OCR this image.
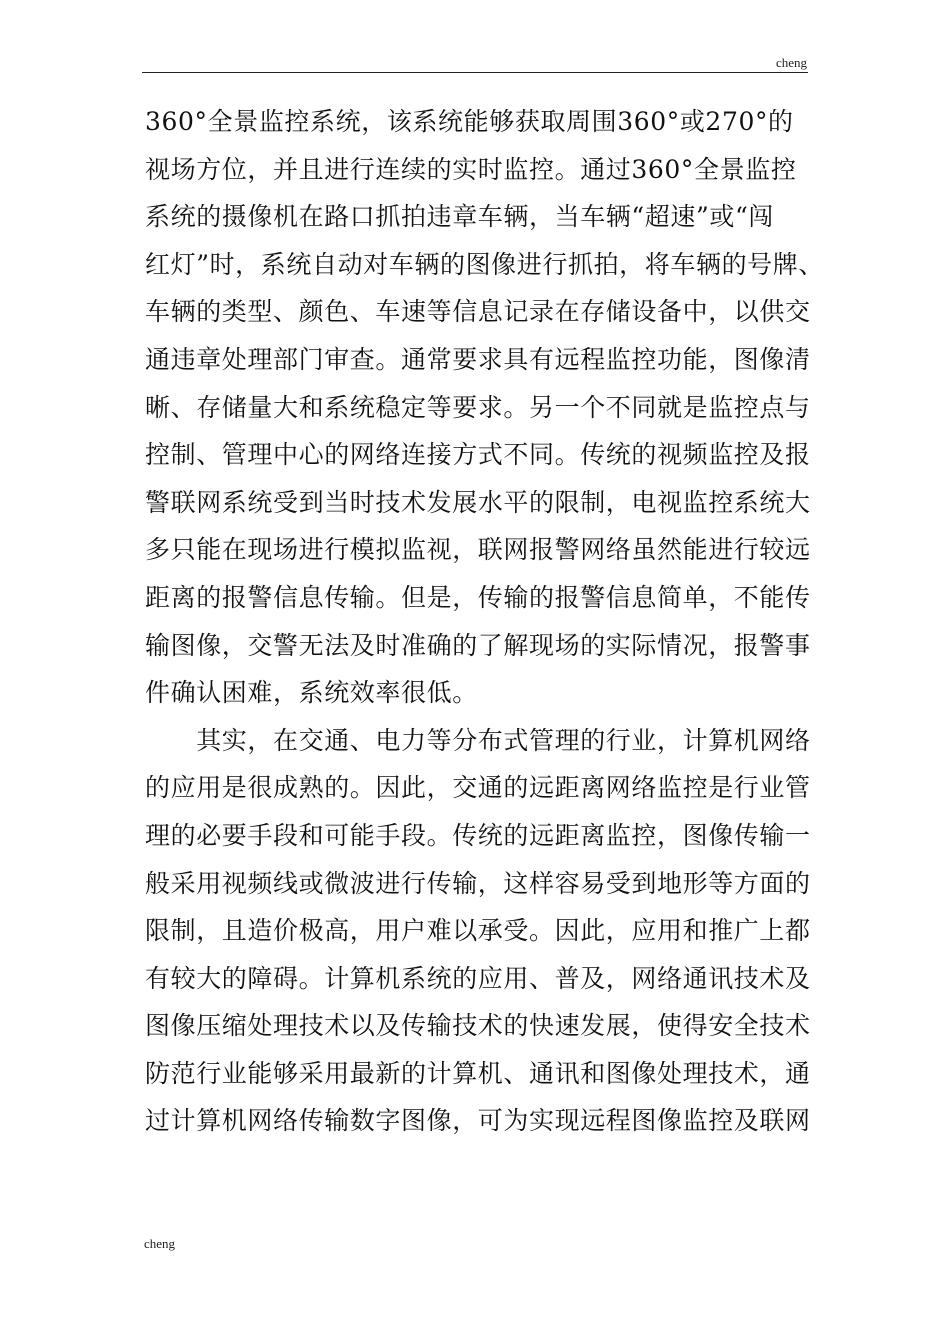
cheng
360°全景监控系统，该系统能够获取周围360°或270°的
视场方位，并且进行连续的实时监控。通过360°全景监控
系统的摄像机在路口抓拍违章车辆，当车辆“超速”或“闯
红灯”时，系统自动对车辆的图像进行抓拍，将车辆的号牌、
车辆的类型、颜色、车速等信息记录在存储设备中，以供交
通违章处理部门审查。通常要求具有远程监控功能，图像清
晰、存储量大和系统稳定等要求。另一个不同就是监控点与
控制、管理中心的网络连接方式不同。传统的视频监控及报
警联网系统受到当时技术发展水平的限制，电视监控系统大
多只能在现场进行模拟监视，联网报警网络虽然能进行较远
距离的报警信息传输。但是，传输的报警信息简单，不能传
输图像，交警无法及时准确的了解现场的实际情况，报警事
件确认困难，系统效率很低。
　　其实，在交通、电力等分布式管理的行业，计算机网络
的应用是很成熟的。因此，交通的远距离网络监控是行业管
理的必要手段和可能手段。传统的远距离监控，图像传输一
般采用视频线或微波进行传输，这样容易受到地形等方面的
限制，且造价极高，用户难以承受。因此，应用和推广上都
有较大的障碍。计算机系统的应用、普及，网络通讯技术及
图像压缩处理技术以及传输技术的快速发展，使得安全技术
防范行业能够采用最新的计算机、通讯和图像处理技术，通
过计算机网络传输数字图像，可为实现远程图像监控及联网
cheng
